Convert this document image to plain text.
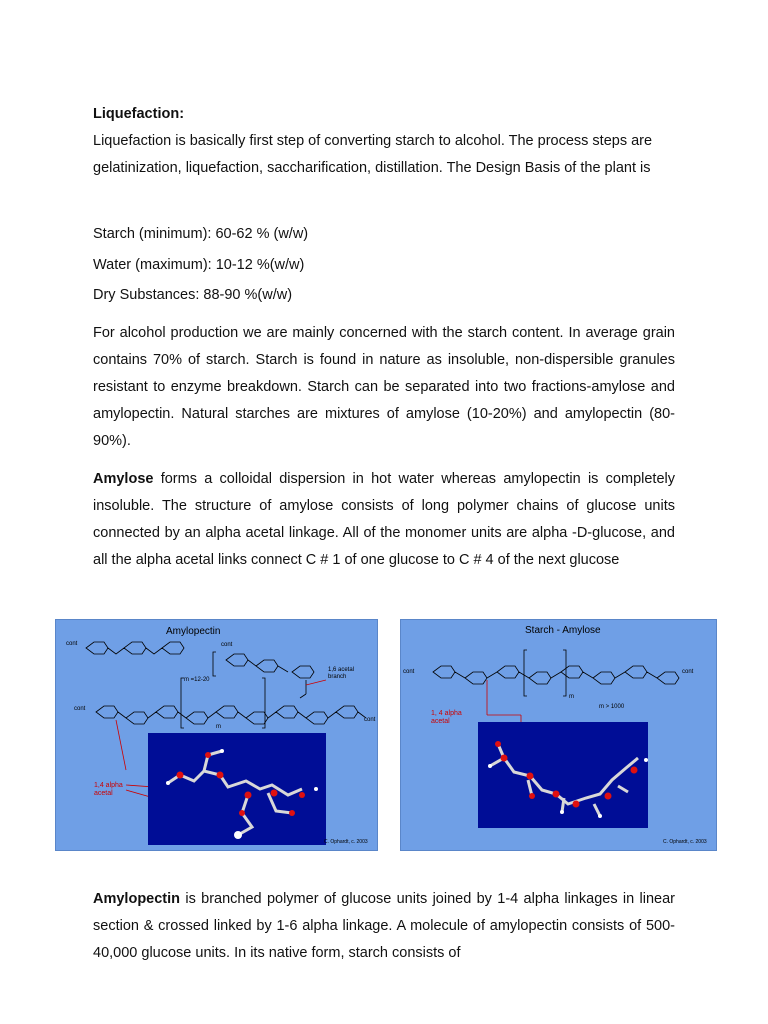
Liquefaction:
Liquefaction is basically first step of converting starch to alcohol. The process steps are gelatinization, liquefaction, saccharification, distillation. The Design Basis of the plant is
Starch (minimum): 60-62 % (w/w)
Water (maximum): 10-12 %(w/w)
Dry Substances: 88-90 %(w/w)
For alcohol production we are mainly concerned with the starch content. In average grain contains 70% of starch. Starch is found in nature as insoluble, non-dispersible granules resistant to enzyme breakdown. Starch can be separated into two fractions-amylose and amylopectin. Natural starches are mixtures of amylose (10-20%) and amylopectin (80-90%).
Amylose forms a colloidal dispersion in hot water whereas amylopectin is completely insoluble. The structure of amylose consists of long polymer chains of glucose units connected by an alpha acetal linkage. All of the monomer units are alpha -D-glucose, and all the alpha acetal links connect C # 1 of one glucose to C # 4 of the next glucose
Amylopectin is branched polymer of glucose units joined by 1-4 alpha linkages in linear section & crossed linked by 1-6 alpha linkage. A molecule of amylopectin consists of 500-40,000 glucose units. In its native form, starch consists of
Amylopectin
cont	cont
cont
cont
m =12-20
m
1,6 acetal branch
1,4 alpha acetal
C. Ophardt, c. 2003
Starch - Amylose
cont	cont
m
m > 1000
1, 4 alpha acetal
C. Ophardt, c. 2003
